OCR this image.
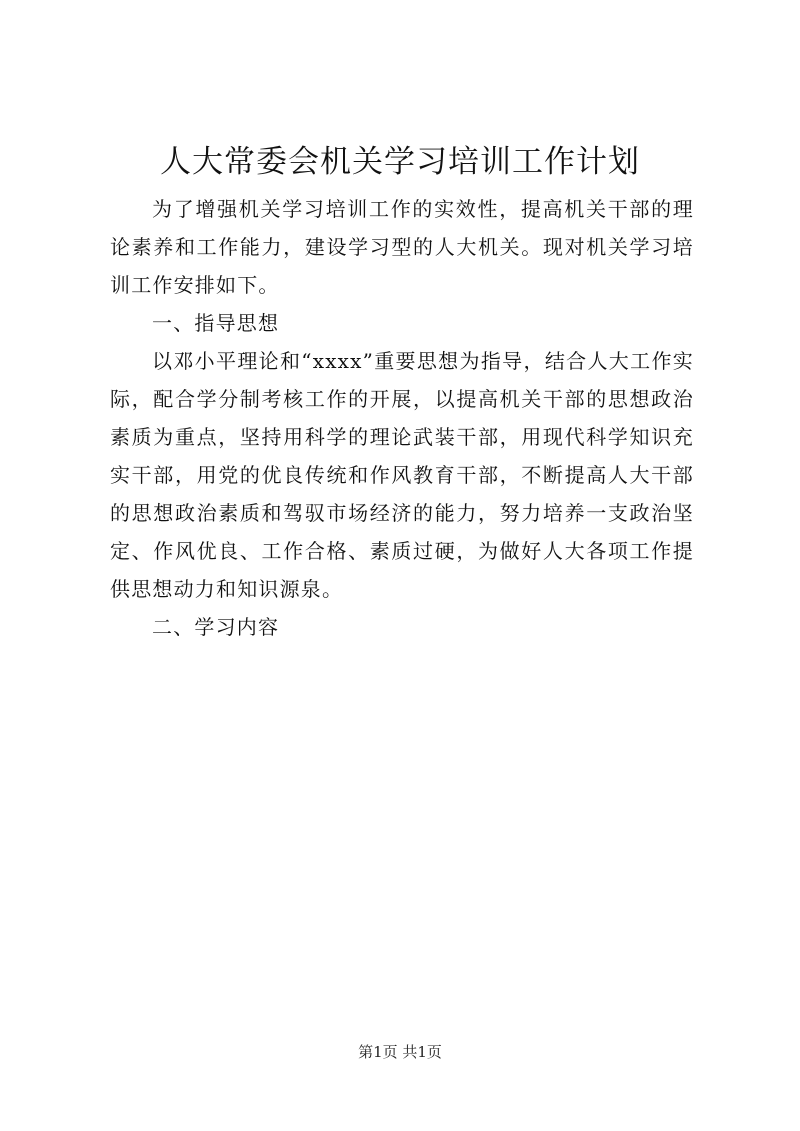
人大常委会机关学习培训工作计划

为了增强机关学习培训工作的实效性，提高机关干部的理论素养和工作能力，建设学习型的人大机关。现对机关学习培训工作安排如下。

一、指导思想

以邓小平理论和“xxxx”重要思想为指导，结合人大工作实际，配合学分制考核工作的开展，以提高机关干部的思想政治素质为重点，坚持用科学的理论武装干部，用现代科学知识充实干部，用党的优良传统和作风教育干部，不断提高人大干部的思想政治素质和驾驭市场经济的能力，努力培养一支政治坚定、作风优良、工作合格、素质过硬，为做好人大各项工作提供思想动力和知识源泉。

二、学习内容

第1页 共1页
